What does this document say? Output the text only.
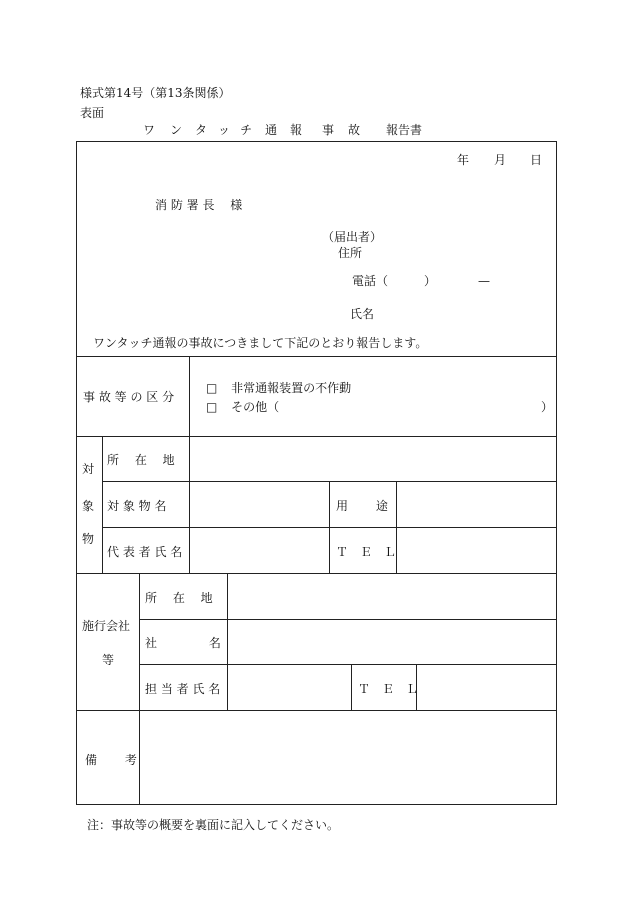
様式第14号（第13条関係）
表面
ワ ン タ ッ チ 通 報 事 故 報告書
年 月 日
消 防 署 長　 様
（届出者）
住所
電話（　　　）　　　　—
氏名
ワンタッチ通報の事故につきまして下記のとおり報告します。
事 故 等 の 区 分
□ 非常通報装置の不作動
□ その他（	）
対
象
物
所　 在　 地
対 象 物 名	用　　 途
代 表 者 氏 名	Ｔ　Ｅ　Ｌ
施行会社
等
所　 在　 地
社　　　　 名
担 当 者 氏 名	Ｔ　Ｅ　Ｌ
備　　 考
注：事故等の概要を裏面に記入してください。
